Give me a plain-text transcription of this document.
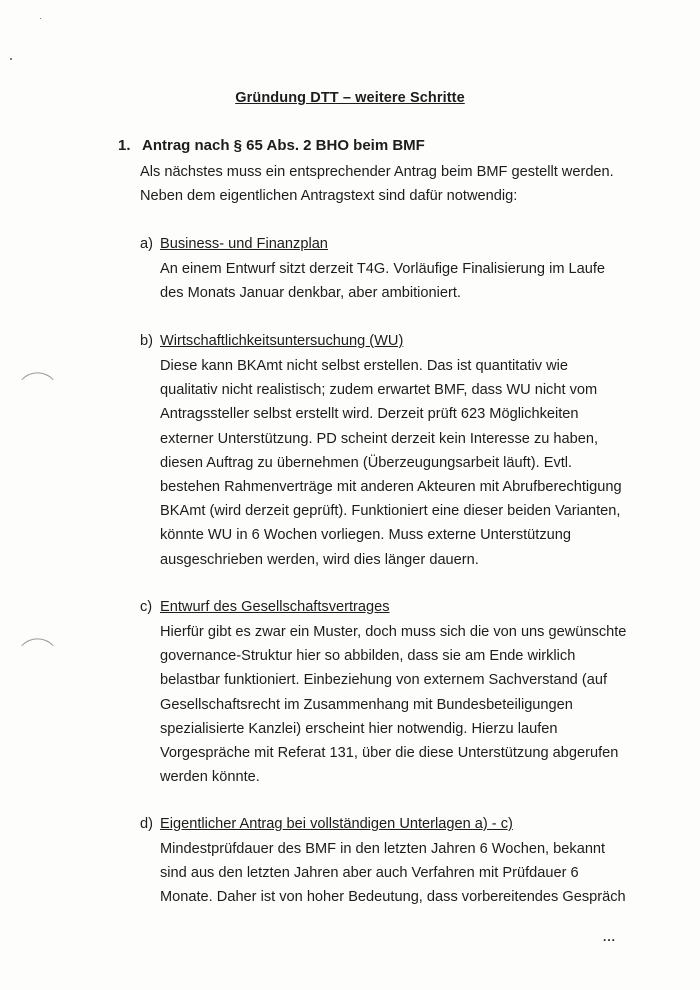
Gründung DTT – weitere Schritte
1. Antrag nach § 65 Abs. 2 BHO beim BMF
Als nächstes muss ein entsprechender Antrag beim BMF gestellt werden.
Neben dem eigentlichen Antragstext sind dafür notwendig:
a) Business- und Finanzplan
An einem Entwurf sitzt derzeit T4G. Vorläufige Finalisierung im Laufe
des Monats Januar denkbar, aber ambitioniert.
b) Wirtschaftlichkeitsuntersuchung (WU)
Diese kann BKAmt nicht selbst erstellen. Das ist quantitativ wie
qualitativ nicht realistisch; zudem erwartet BMF, dass WU nicht vom
Antragssteller selbst erstellt wird. Derzeit prüft 623 Möglichkeiten
externer Unterstützung. PD scheint derzeit kein Interesse zu haben,
diesen Auftrag zu übernehmen (Überzeugungsarbeit läuft). Evtl.
bestehen Rahmenverträge mit anderen Akteuren mit Abrufberechtigung
BKAmt (wird derzeit geprüft). Funktioniert eine dieser beiden Varianten,
könnte WU in 6 Wochen vorliegen. Muss externe Unterstützung
ausgeschrieben werden, wird dies länger dauern.
c) Entwurf des Gesellschaftsvertrages
Hierfür gibt es zwar ein Muster, doch muss sich die von uns gewünschte
governance-Struktur hier so abbilden, dass sie am Ende wirklich
belastbar funktioniert. Einbeziehung von externem Sachverstand (auf
Gesellschaftsrecht im Zusammenhang mit Bundesbeteiligungen
spezialisierte Kanzlei) erscheint hier notwendig. Hierzu laufen
Vorgespräche mit Referat 131, über die diese Unterstützung abgerufen
werden könnte.
d) Eigentlicher Antrag bei vollständigen Unterlagen a) - c)
Mindestprüfdauer des BMF in den letzten Jahren 6 Wochen, bekannt
sind aus den letzten Jahren aber auch Verfahren mit Prüfdauer 6
Monate. Daher ist von hoher Bedeutung, dass vorbereitendes Gespräch
...
